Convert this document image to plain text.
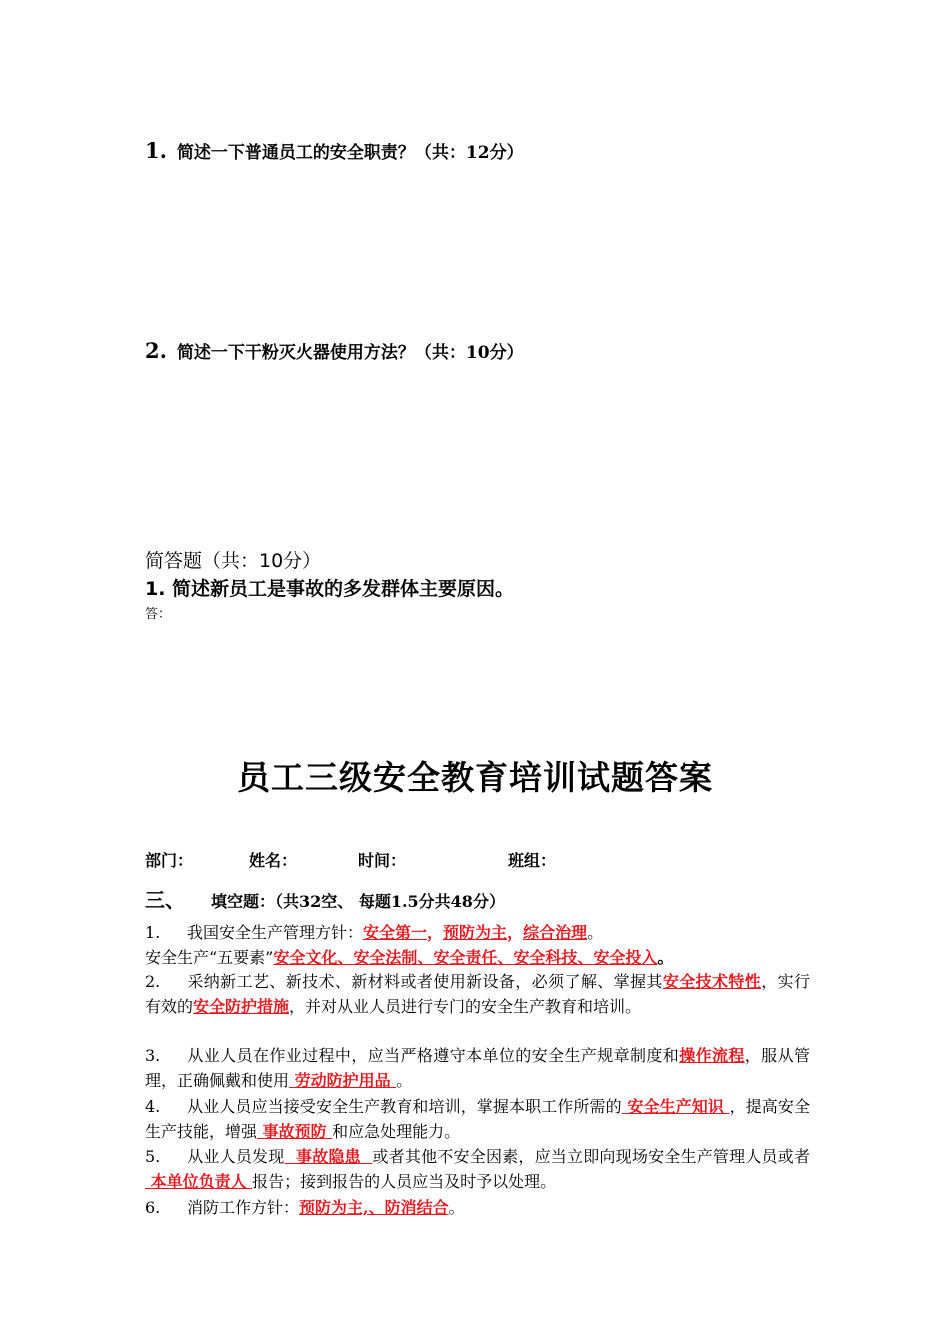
1. 简述一下普通员工的安全职责？（共：12分）
2. 简述一下干粉灭火器使用方法？（共：10分）
简答题（共：10分）
1. 简述新员工是事故的多发群体主要原因。
答：
员工三级安全教育培训试题答案
部门：	姓名：	时间：	班组：
三、 填空题：（共32空、 每题1.5分共48分）
1. 我国安全生产管理方针：安全第一，预防为主，综合治理。
安全生产“五要素”安全文化、安全法制、安全责任、安全科技、安全投入。
2. 采纳新工艺、新技术、新材料或者使用新设备，必须了解、掌握其安全技术特性，实行有效的安全防护措施，并对从业人员进行专门的安全生产教育和培训。
3. 从业人员在作业过程中，应当严格遵守本单位的安全生产规章制度和操作流程，服从管理，正确佩戴和使用 劳动防护用品 。
4. 从业人员应当接受安全生产教育和培训，掌握本职工作所需的 安全生产知识 ，提高安全生产技能，增强 事故预防 和应急处理能力。
5. 从业人员发现  事故隐患  或者其他不安全因素，应当立即向现场安全生产管理人员或者 本单位负责人 报告；接到报告的人员应当及时予以处理。
6. 消防工作方针：预防为主,、防消结合。
